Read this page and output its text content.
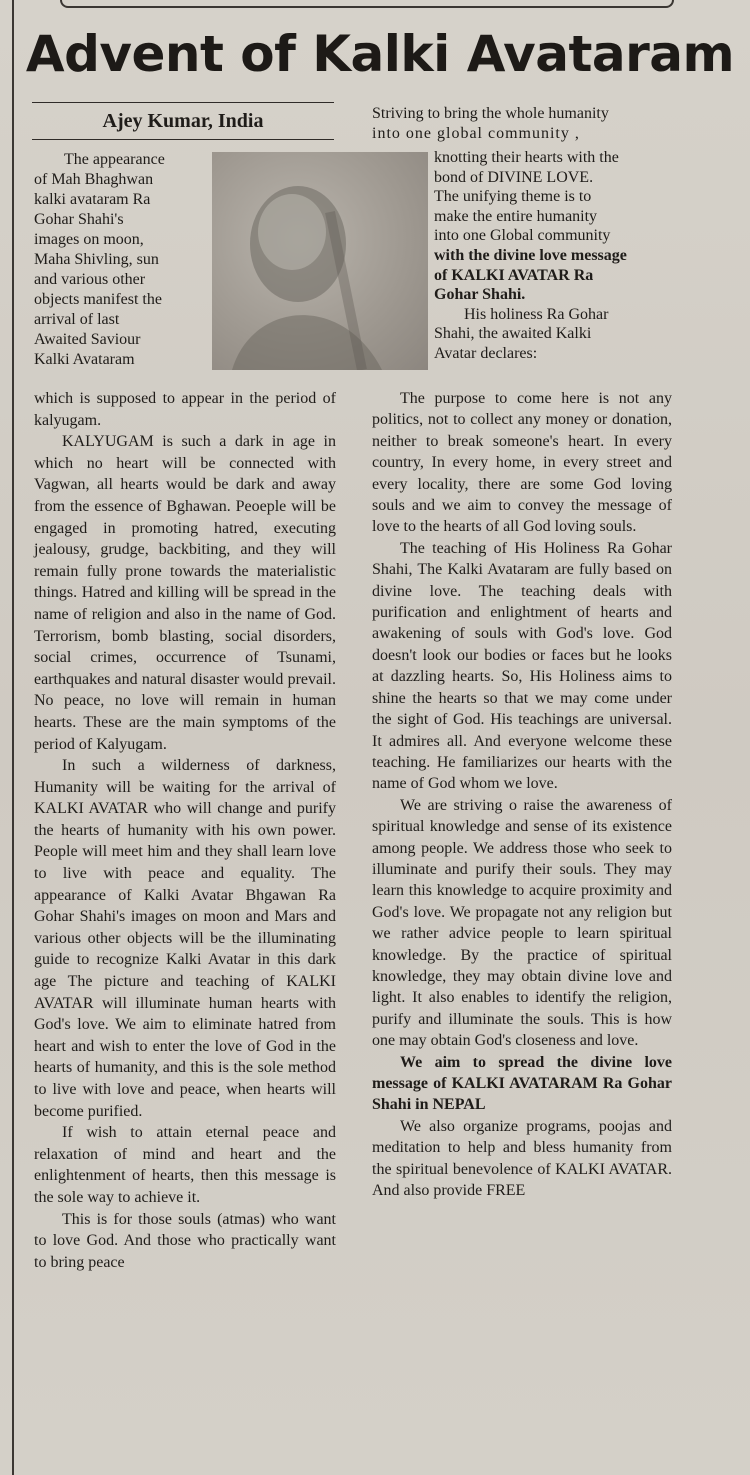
Advent of Kalki Avataram
Ajey Kumar, India
The appearance
of Mah Bhaghwan
kalki avataram Ra
Gohar Shahi's
images on moon,
Maha Shivling, sun
and various other
objects manifest the
arrival of last
Awaited Saviour
Kalki Avataram

which is supposed to appear in the period of kalyugam.

KALYUGAM is such a dark in age in which no heart will be connected with Vagwan, all hearts would be dark and away from the essence of Bghawan. Peoeple will be engaged in promoting hatred, executing jealousy, grudge, backbiting, and they will remain fully prone towards the materialistic things. Hatred and killing will be spread in the name of religion and also in the name of God. Terrorism, bomb blasting, social disorders, social crimes, occurrence of Tsunami, earthquakes and natural disaster would prevail. No peace, no love will remain in human hearts. These are the main symptoms of the period of Kalyugam.

In such a wilderness of darkness, Humanity will be waiting for the arrival of KALKI AVATAR who will change and purify the hearts of humanity with his own power. People will meet him and they shall learn love to live with peace and equality. The appearance of Kalki Avatar Bhgawan Ra Gohar Shahi's images on moon and Mars and various other objects will be the illuminating guide to recognize Kalki Avatar in this dark age The picture and teaching of KALKI AVATAR will illuminate human hearts with God's love. We aim to eliminate hatred from heart and wish to enter the love of God in the hearts of humanity, and this is the sole method to live with love and peace, when hearts will become purified.

If wish to attain eternal peace and relaxation of mind and heart and the enlightenment of hearts, then this message is the sole way to achieve it.

This is for those souls (atmas) who want to love God. And those who practically want to bring peace

Striving to bring the whole humanity
into one global community ,
knotting their hearts with the
bond of DIVINE LOVE.
The unifying theme is to
make the entire humanity
into one Global community
with the divine love message
of KALKI AVATAR Ra
Gohar Shahi.
His holiness Ra Gohar
Shahi, the awaited Kalki
Avatar declares:

The purpose to come here is not any politics, not to collect any money or donation, neither to break someone's heart. In every country, In every home, in every street and every locality, there are some God loving souls and we aim to convey the message of love to the hearts of all God loving souls.

The teaching of His Holiness Ra Gohar Shahi, The Kalki Avataram are fully based on divine love. The teaching deals with purification and enlightment of hearts and awakening of souls with God's love. God doesn't look our bodies or faces but he looks at dazzling hearts. So, His Holiness aims to shine the hearts so that we may come under the sight of God. His teachings are universal. It admires all. And everyone welcome these teaching. He familiarizes our hearts with the name of God whom we love.

We are striving o raise the awareness of spiritual knowledge and sense of its existence among people. We address those who seek to illuminate and purify their souls. They may learn this knowledge to acquire proximity and God's love. We propagate not any religion but we rather advice people to learn spiritual knowledge. By the practice of spiritual knowledge, they may obtain divine love and light. It also enables to identify the religion, purify and illuminate the souls. This is how one may obtain God's closeness and love.

We aim to spread the divine love message of KALKI AVATARAM Ra Gohar Shahi in NEPAL

We also organize programs, poojas and meditation to help and bless humanity from the spiritual benevolence of KALKI AVATAR. And also provide FREE
